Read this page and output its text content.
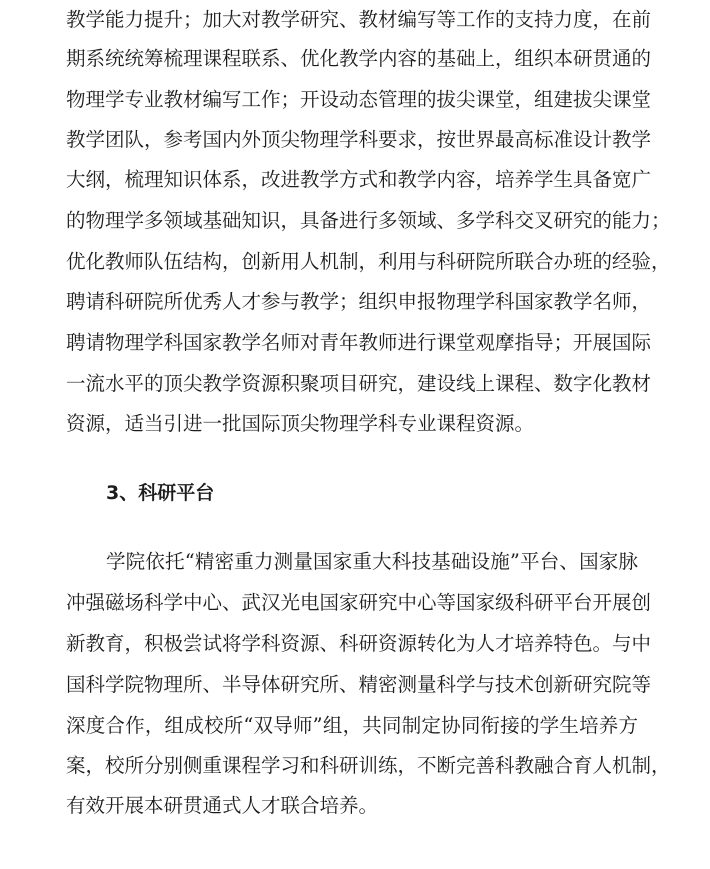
教学能力提升；加大对教学研究、教材编写等工作的支持力度，在前
期系统统筹梳理课程联系、优化教学内容的基础上，组织本研贯通的
物理学专业教材编写工作；开设动态管理的拔尖课堂，组建拔尖课堂
教学团队，参考国内外顶尖物理学科要求，按世界最高标准设计教学
大纲，梳理知识体系，改进教学方式和教学内容，培养学生具备宽广
的物理学多领域基础知识，具备进行多领域、多学科交叉研究的能力；
优化教师队伍结构，创新用人机制，利用与科研院所联合办班的经验，
聘请科研院所优秀人才参与教学；组织申报物理学科国家教学名师，
聘请物理学科国家教学名师对青年教师进行课堂观摩指导；开展国际
一流水平的顶尖教学资源积聚项目研究，建设线上课程、数字化教材
资源，适当引进一批国际顶尖物理学科专业课程资源。
3、科研平台
学院依托“精密重力测量国家重大科技基础设施”平台、国家脉
冲强磁场科学中心、武汉光电国家研究中心等国家级科研平台开展创
新教育，积极尝试将学科资源、科研资源转化为人才培养特色。与中
国科学院物理所、半导体研究所、精密测量科学与技术创新研究院等
深度合作，组成校所“双导师”组，共同制定协同衔接的学生培养方
案，校所分别侧重课程学习和科研训练，不断完善科教融合育人机制，
有效开展本研贯通式人才联合培养。
